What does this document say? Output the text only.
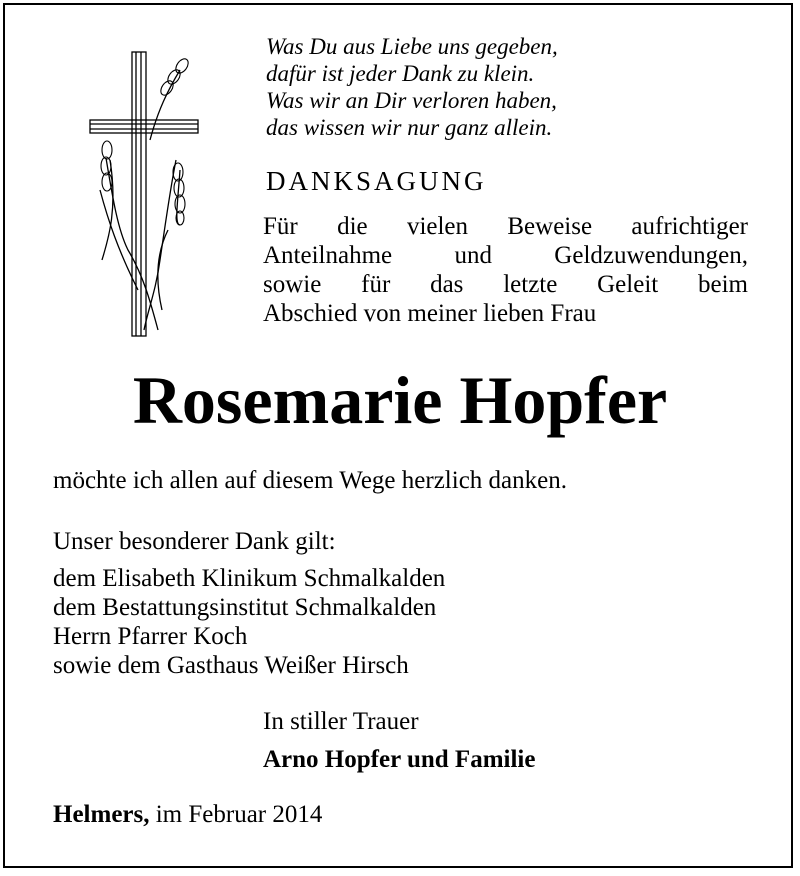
Was Du aus Liebe uns gegeben,
dafür ist jeder Dank zu klein.
Was wir an Dir verloren haben,
das wissen wir nur ganz allein.
DANKSAGUNG
Für die vielen Beweise aufrichtiger
Anteilnahme und Geldzuwendungen,
sowie für das letzte Geleit beim
Abschied von meiner lieben Frau
Rosemarie Hopfer
möchte ich allen auf diesem Wege herzlich danken.
Unser besonderer Dank gilt:
dem Elisabeth Klinikum Schmalkalden
dem Bestattungsinstitut Schmalkalden
Herrn Pfarrer Koch
sowie dem Gasthaus Weißer Hirsch
In stiller Trauer
Arno Hopfer und Familie
Helmers, im Februar 2014
